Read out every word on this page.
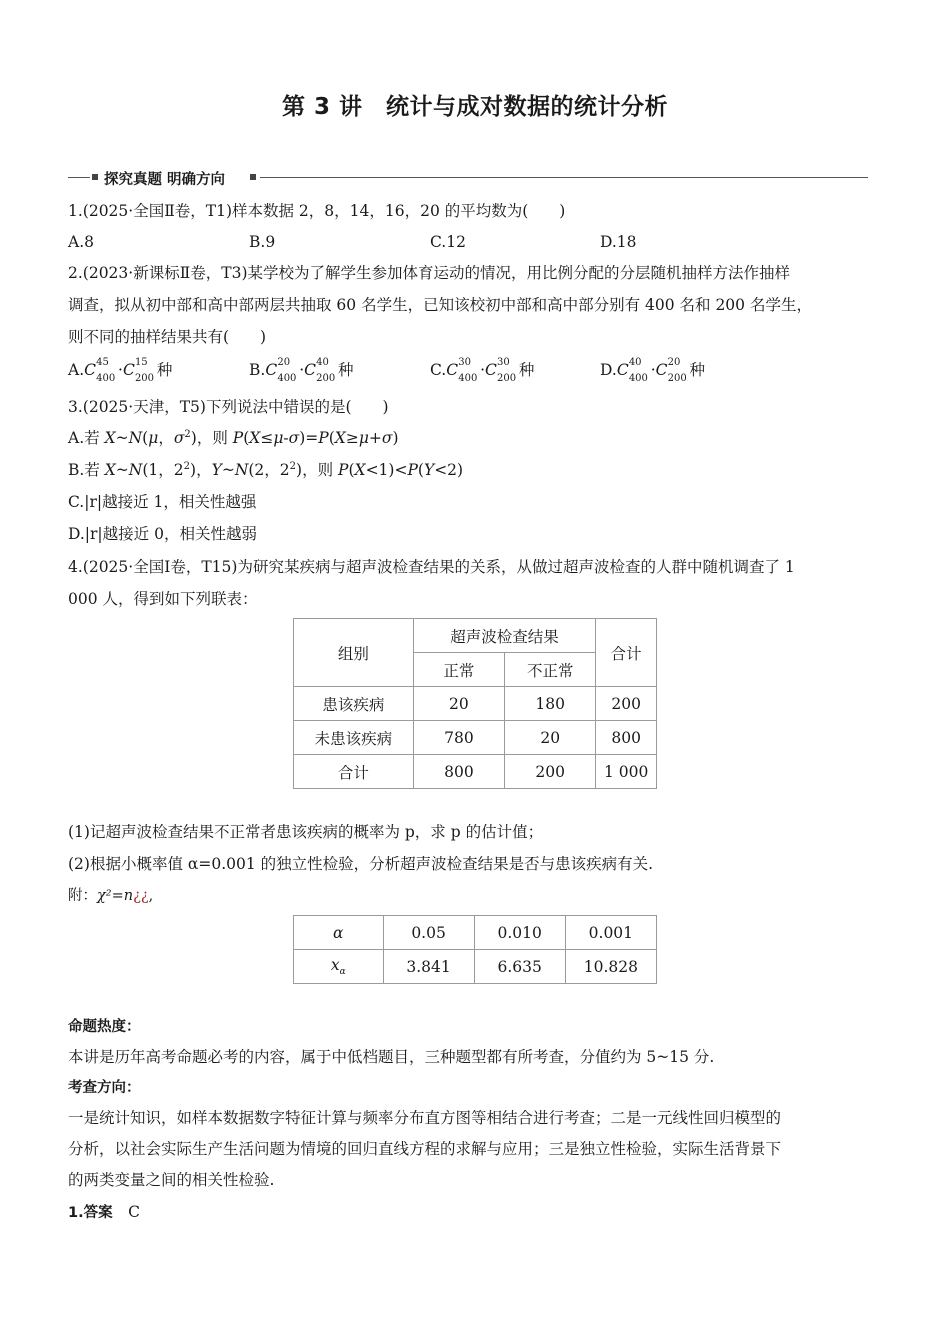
第 3 讲　统计与成对数据的统计分析
探究真题 明确方向
1.(2025·全国Ⅱ卷，T1)样本数据 2，8，14，16，20 的平均数为(　　)
A.8	B.9	C.12	D.18
2.(2023·新课标Ⅱ卷，T3)某学校为了解学生参加体育运动的情况，用比例分配的分层随机抽样方法作抽样
调查，拟从初中部和高中部两层共抽取 60 名学生，已知该校初中部和高中部分别有 400 名和 200 名学生，
则不同的抽样结果共有(　　)
A.C 45
400 ·C 15
200 种	B.C 20
400 ·C 40
200 种	C.C 30
400 ·C 30
200 种	D.C 40
400 ·C 20
200 种
3.(2025·天津，T5)下列说法中错误的是(　　)
A.若 X~N(μ，$\sigma^2$)，则 P(X≤μ-σ)=P(X≥μ+σ)
B.若 X~N(1，$2^2$)，Y~N(2，$2^2$)，则 P(X<1)<P(Y<2)
C.|r|越接近 1，相关性越强
D.|r|越接近 0，相关性越弱
4.(2025·全国Ⅰ卷，T15)为研究某疾病与超声波检查结果的关系，从做过超声波检查的人群中随机调查了 1
000 人，得到如下列联表：
组别	超声波检查结果		合计
	正常	不正常	
患该疾病	20	180	200
未患该疾病	780	20	800
合计	800	200	1 000
(1)记超声波检查结果不正常者患该疾病的概率为 p，求 p 的估计值；
(2)根据小概率值 α=0.001 的独立性检验，分析超声波检查结果是否与患该疾病有关.
附：χ²=n¿¿,
α	0.05	0.010	0.001
$x_\alpha$	3.841	6.635	10.828
命题热度：
本讲是历年高考命题必考的内容，属于中低档题目，三种题型都有所考查，分值约为 5~15 分.
考查方向：
一是统计知识，如样本数据数字特征计算与频率分布直方图等相结合进行考查；二是一元线性回归模型的
分析，以社会实际生产生活问题为情境的回归直线方程的求解与应用；三是独立性检验，实际生活背景下
的两类变量之间的相关性检验.
1.答案　 C
